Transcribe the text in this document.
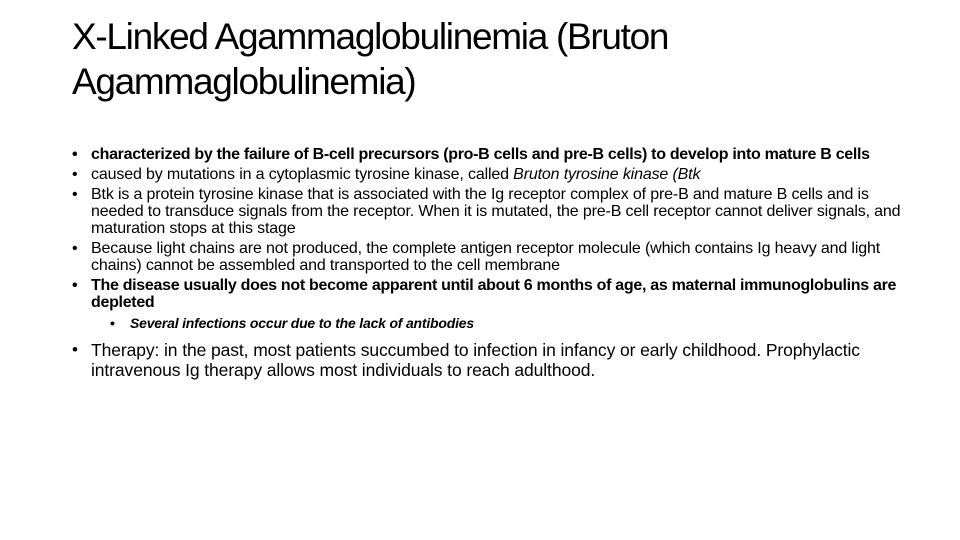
X-Linked Agammaglobulinemia (Bruton Agammaglobulinemia)
• characterized by the failure of B-cell precursors (pro-B cells and pre-B cells) to develop into mature B cells
• caused by mutations in a cytoplasmic tyrosine kinase, called Bruton tyrosine kinase (Btk
• Btk is a protein tyrosine kinase that is associated with the Ig receptor complex of pre-B and mature B cells and is needed to transduce signals from the receptor. When it is mutated, the pre-B cell receptor cannot deliver signals, and maturation stops at this stage
• Because light chains are not produced, the complete antigen receptor molecule (which contains Ig heavy and light chains) cannot be assembled and transported to the cell membrane
• The disease usually does not become apparent until about 6 months of age, as maternal immunoglobulins are depleted
• Several infections occur due to the lack of antibodies
• Therapy: in the past, most patients succumbed to infection in infancy or early childhood. Prophylactic intravenous Ig therapy allows most individuals to reach adulthood.
